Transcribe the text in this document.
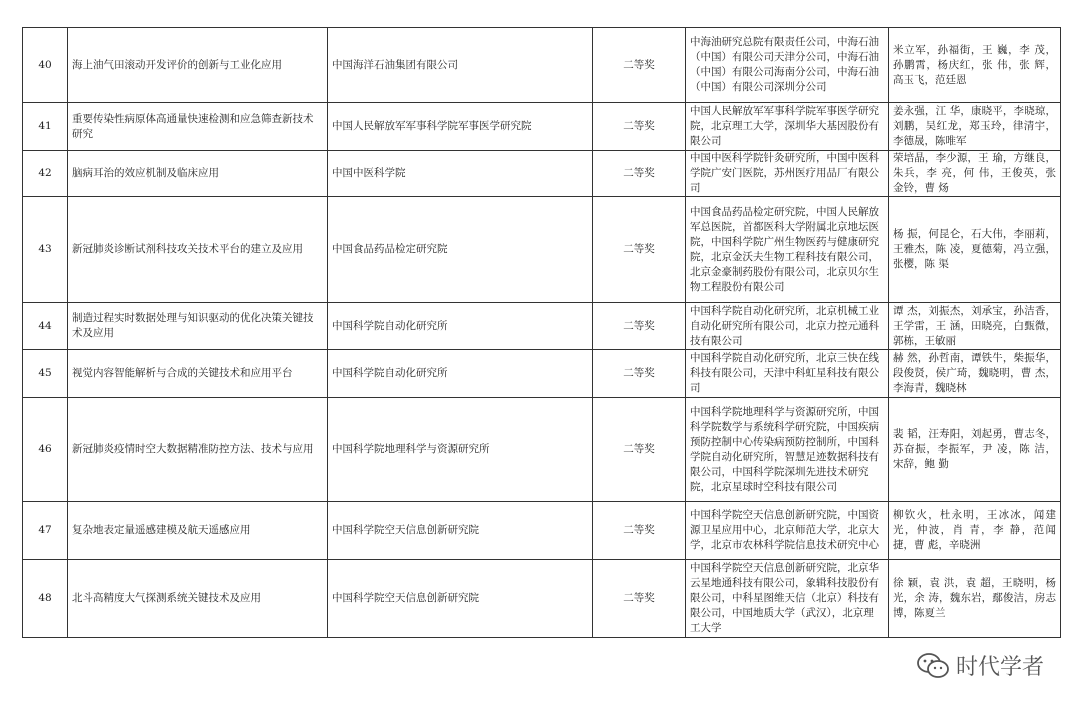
40	海上油气田滚动开发评价的创新与工业化应用	中国海洋石油集团有限公司	二等奖	中海油研究总院有限责任公司，中海石油（中国）有限公司天津分公司，中海石油（中国）有限公司海南分公司，中海石油（中国）有限公司深圳分公司	米立军，孙福街，王 巍，李 茂，孙鹏霄，杨庆红，张 伟，张 辉，高玉飞，范廷恩
41	重要传染性病原体高通量快速检测和应急筛查新技术研究	中国人民解放军军事科学院军事医学研究院	二等奖	中国人民解放军军事科学院军事医学研究院，北京理工大学，深圳华大基因股份有限公司	姜永强，江 华，康晓平，李晓琼，刘鹏，吴红龙，郑玉玲，律清宇，李德晟，陈唯军
42	脑病耳治的效应机制及临床应用	中国中医科学院	二等奖	中国中医科学院针灸研究所，中国中医科学院广安门医院，苏州医疗用品厂有限公司	荣培晶，李少源，王 瑜，方继良，朱兵，李 亮，何 伟，王俊英，张金铃，曹 炀
43	新冠肺炎诊断试剂科技攻关技术平台的建立及应用	中国食品药品检定研究院	二等奖	中国食品药品检定研究院，中国人民解放军总医院，首都医科大学附属北京地坛医院，中国科学院广州生物医药与健康研究院，北京金沃夫生物工程科技有限公司，北京金豪制药股份有限公司，北京贝尔生物工程股份有限公司	杨 振，何昆仑，石大伟，李丽莉，王雅杰，陈 凌，夏德菊，冯立强，张樱，陈 渠
44	制造过程实时数据处理与知识驱动的优化决策关键技术及应用	中国科学院自动化研究所	二等奖	中国科学院自动化研究所，北京机械工业自动化研究所有限公司，北京力控元通科技有限公司	谭 杰，刘振杰，刘承宝，孙洁香，王学雷，王 涵，田晓亮，白甄微，郭栋，王敏丽
45	视觉内容智能解析与合成的关键技术和应用平台	中国科学院自动化研究所	二等奖	中国科学院自动化研究所，北京三快在线科技有限公司，天津中科虹星科技有限公司	赫 然，孙哲南，谭铁牛，柴振华，段俊贤，侯广琦，魏晓明，曹 杰，李海青，魏晓林
46	新冠肺炎疫情时空大数据精准防控方法、技术与应用	中国科学院地理科学与资源研究所	二等奖	中国科学院地理科学与资源研究所，中国科学院数学与系统科学研究院，中国疾病预防控制中心传染病预防控制所，中国科学院自动化研究所，智慧足迹数据科技有限公司，中国科学院深圳先进技术研究院，北京星球时空科技有限公司	裴 韬，汪寿阳，刘起勇，曹志冬，苏奋振，李振军，尹 凌，陈 洁，宋辞，鲍 勤
47	复杂地表定量遥感建模及航天遥感应用	中国科学院空天信息创新研究院	二等奖	中国科学院空天信息创新研究院，中国资源卫星应用中心，北京师范大学，北京大学，北京市农林科学院信息技术研究中心	柳钦火，杜永明，王冰冰，闻建光，仲波，肖 青，李 静，范闻捷，曹 彪，辛晓洲
48	北斗高精度大气探测系统关键技术及应用	中国科学院空天信息创新研究院	二等奖	中国科学院空天信息创新研究院，北京华云星地通科技有限公司，象辑科技股份有限公司，中科星图维天信（北京）科技有限公司，中国地质大学（武汉），北京理工大学	徐 颖，袁 洪，袁 超，王晓明，杨光，余 涛，魏东岩，鄢俊洁，房志博，陈夏兰
时代学者
